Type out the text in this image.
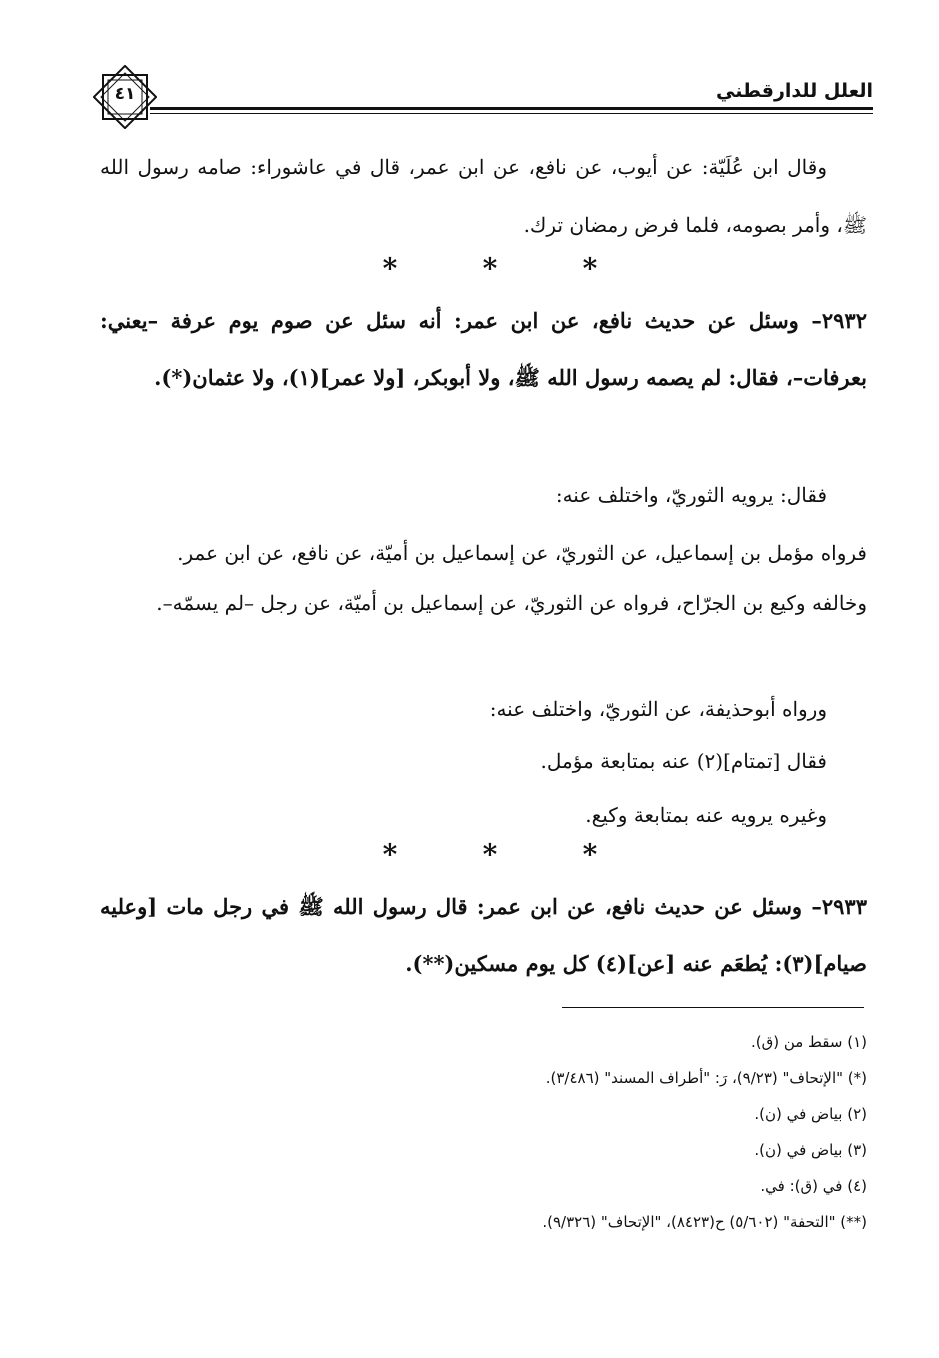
العلل للدارقطني
٤١

وقال ابن عُلَيّة: عن أيوب، عن نافع، عن ابن عمر، قال في عاشوراء: صامه رسول الله ﷺ، وأمر بصومه، فلما فرض رمضان ترك.

*	*	*

٢٩٣٢– وسئل عن حديث نافع، عن ابن عمر: أنه سئل عن صوم يوم عرفة –يعني: بعرفات–، فقال: لم يصمه رسول الله ﷺ، ولا أبوبكر، [ولا عمر](١)، ولا عثمان(*).

فقال: يرويه الثوريّ، واختلف عنه:

فرواه مؤمل بن إسماعيل، عن الثوريّ، عن إسماعيل بن أميّة، عن نافع، عن ابن عمر.

وخالفه وكيع بن الجرّاح، فرواه عن الثوريّ، عن إسماعيل بن أميّة، عن رجل –لم يسمّه–.

ورواه أبوحذيفة، عن الثوريّ، واختلف عنه:

فقال [تمتام](٢) عنه بمتابعة مؤمل.

وغيره يرويه عنه بمتابعة وكيع.

*	*	*

٢٩٣٣– وسئل عن حديث نافع، عن ابن عمر: قال رسول الله ﷺ في رجل مات [وعليه صيام](٣): يُطعَم عنه [عن](٤) كل يوم مسكين(**).

(١) سقط من (ق).
(*) "الإتحاف" (٩/٢٣)، رَ: "أطراف المسند" (٣/٤٨٦).
(٢) بياض في (ن).
(٣) بياض في (ن).
(٤) في (ق): في.
(**) "التحفة" (٥/٦٠٢) ح(٨٤٢٣)، "الإتحاف" (٩/٣٢٦).
